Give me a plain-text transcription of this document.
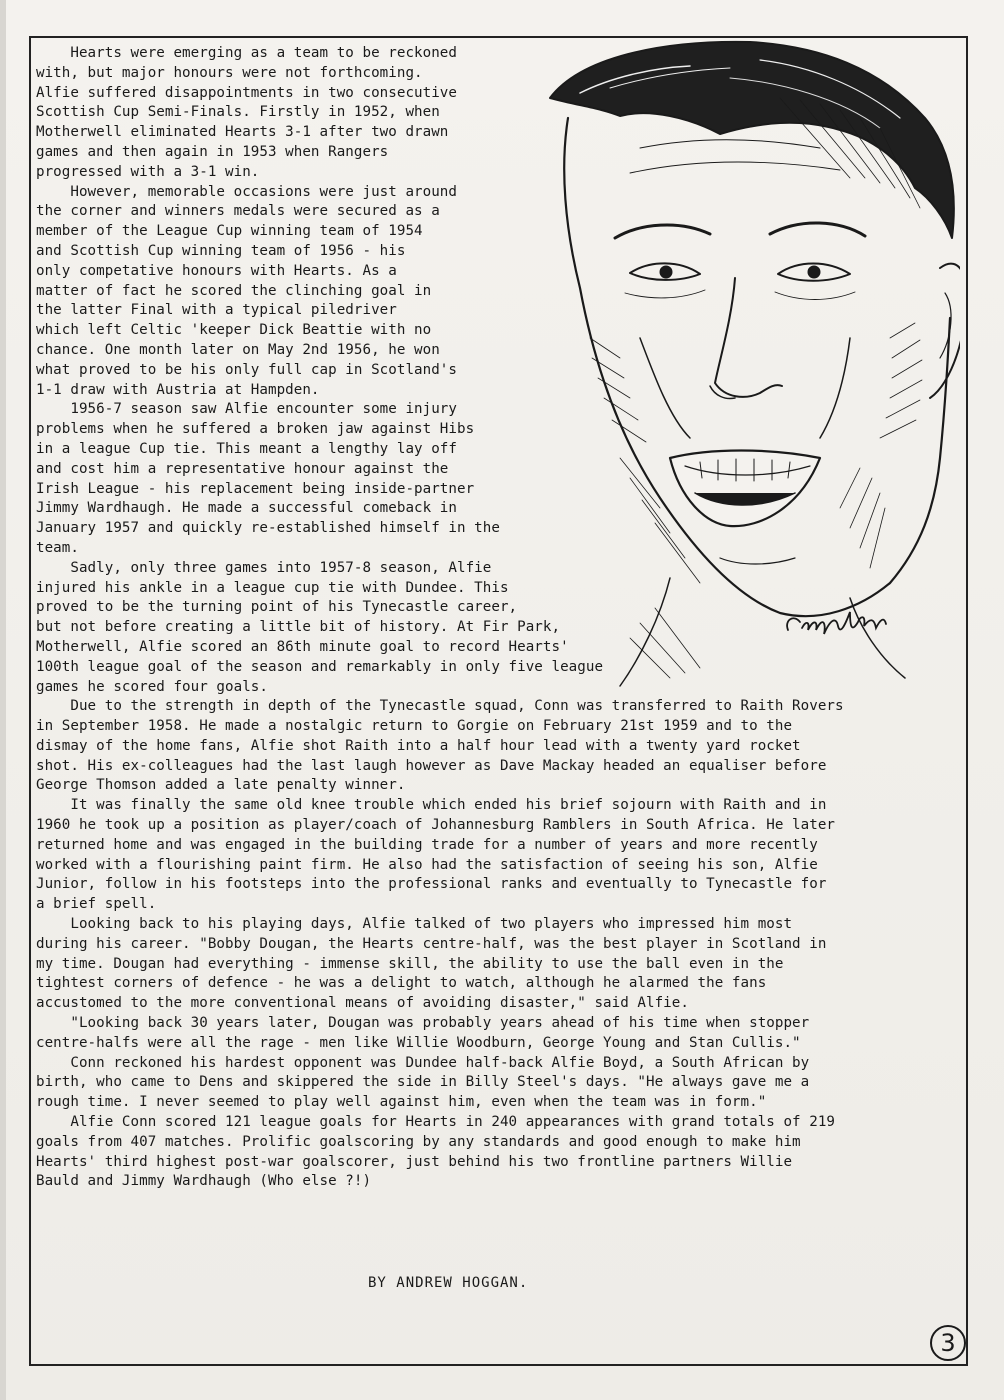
Hearts were emerging as a team to be reckoned
with, but major honours were not forthcoming.
Alfie suffered disappointments in two consecutive
Scottish Cup Semi-Finals. Firstly in 1952, when
Motherwell eliminated Hearts 3-1 after two drawn
games and then again in 1953 when Rangers
progressed with a 3-1 win.
However, memorable occasions were just around
the corner and winners medals were secured as a
member of the League Cup winning team of 1954
and Scottish Cup winning team of 1956 - his
only competative honours with Hearts. As a
matter of fact he scored the clinching goal in
the latter Final with a typical piledriver
which left Celtic 'keeper Dick Beattie with no
chance. One month later on May 2nd 1956, he won
what proved to be his only full cap in Scotland's
1-1 draw with Austria at Hampden.
1956-7 season saw Alfie encounter some injury
problems when he suffered a broken jaw against Hibs
in a league Cup tie. This meant a lengthy lay off
and cost him a representative honour against the
Irish League - his replacement being inside-partner
Jimmy Wardhaugh. He made a successful comeback in
January 1957 and quickly re-established himself in the
team.
Sadly, only three games into 1957-8 season, Alfie
injured his ankle in a league cup tie with Dundee. This
proved to be the turning point of his Tynecastle career,
but not before creating a little bit of history. At Fir Park,
Motherwell, Alfie scored an 86th minute goal to record Hearts'
100th league goal of the season and remarkably in only five league
games he scored four goals.
Due to the strength in depth of the Tynecastle squad, Conn was transferred to Raith Rovers
in September 1958. He made a nostalgic return to Gorgie on February 21st 1959 and to the
dismay of the home fans, Alfie shot Raith into a half hour lead with a twenty yard rocket
shot. His ex-colleagues had the last laugh however as Dave Mackay headed an equaliser before
George Thomson added a late penalty winner.
It was finally the same old knee trouble which ended his brief sojourn with Raith and in
1960 he took up a position as player/coach of Johannesburg Ramblers in South Africa. He later
returned home and was engaged in the building trade for a number of years and more recently
worked with a flourishing paint firm. He also had the satisfaction of seeing his son, Alfie
Junior, follow in his footsteps into the professional ranks and eventually to Tynecastle for
a brief spell.
Looking back to his playing days, Alfie talked of two players who impressed him most
during his career. "Bobby Dougan, the Hearts centre-half, was the best player in Scotland in
my time. Dougan had everything - immense skill, the ability to use the ball even in the
tightest corners of defence - he was a delight to watch, although he alarmed the fans
accustomed to the more conventional means of avoiding disaster," said Alfie.
"Looking back 30 years later, Dougan was probably years ahead of his time when stopper
centre-halfs were all the rage - men like Willie Woodburn, George Young and Stan Cullis."
Conn reckoned his hardest opponent was Dundee half-back Alfie Boyd, a South African by
birth, who came to Dens and skippered the side in Billy Steel's days. "He always gave me a
rough time. I never seemed to play well against him, even when the team was in form."
Alfie Conn scored 121 league goals for Hearts in 240 appearances with grand totals of 219
goals from 407 matches. Prolific goalscoring by any standards and good enough to make him
Hearts' third highest post-war goalscorer, just behind his two frontline partners Willie
Bauld and Jimmy Wardhaugh (Who else ?!)
BY ANDREW HOGGAN.
3
